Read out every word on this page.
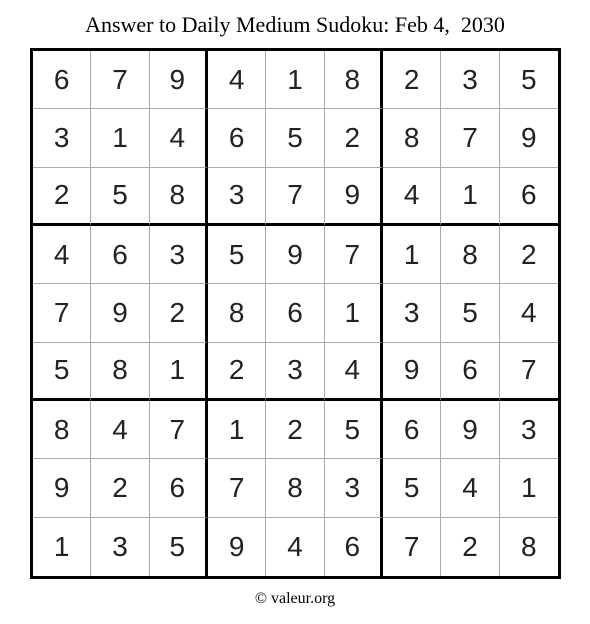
Answer to Daily Medium Sudoku: Feb 4,  2030
6	7	9	4	1	8	2	3	5
3	1	4	6	5	2	8	7	9
2	5	8	3	7	9	4	1	6
4	6	3	5	9	7	1	8	2
7	9	2	8	6	1	3	5	4
5	8	1	2	3	4	9	6	7
8	4	7	1	2	5	6	9	3
9	2	6	7	8	3	5	4	1
1	3	5	9	4	6	7	2	8
© valeur.org
